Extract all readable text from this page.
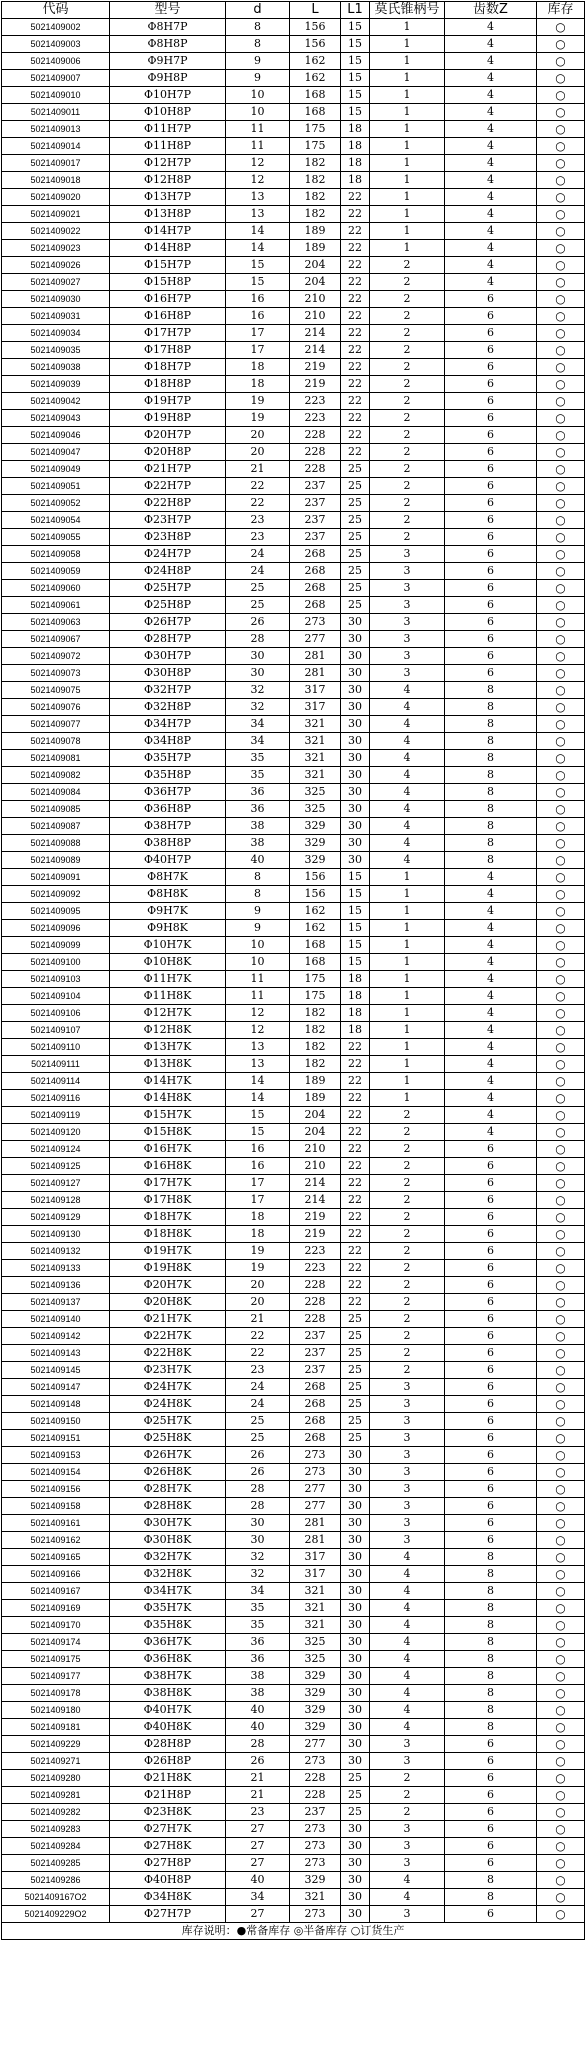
代码	型号	d	L	L1	莫氏锥柄号	齿数Z	库存
5021409002	Φ8H7P	8	156	15	1	4	○
5021409003	Φ8H8P	8	156	15	1	4	○
5021409006	Φ9H7P	9	162	15	1	4	○
5021409007	Φ9H8P	9	162	15	1	4	○
5021409010	Φ10H7P	10	168	15	1	4	○
5021409011	Φ10H8P	10	168	15	1	4	○
5021409013	Φ11H7P	11	175	18	1	4	○
5021409014	Φ11H8P	11	175	18	1	4	○
5021409017	Φ12H7P	12	182	18	1	4	○
5021409018	Φ12H8P	12	182	18	1	4	○
5021409020	Φ13H7P	13	182	22	1	4	○
5021409021	Φ13H8P	13	182	22	1	4	○
5021409022	Φ14H7P	14	189	22	1	4	○
5021409023	Φ14H8P	14	189	22	1	4	○
5021409026	Φ15H7P	15	204	22	2	4	○
5021409027	Φ15H8P	15	204	22	2	4	○
5021409030	Φ16H7P	16	210	22	2	6	○
5021409031	Φ16H8P	16	210	22	2	6	○
5021409034	Φ17H7P	17	214	22	2	6	○
5021409035	Φ17H8P	17	214	22	2	6	○
5021409038	Φ18H7P	18	219	22	2	6	○
5021409039	Φ18H8P	18	219	22	2	6	○
5021409042	Φ19H7P	19	223	22	2	6	○
5021409043	Φ19H8P	19	223	22	2	6	○
5021409046	Φ20H7P	20	228	22	2	6	○
5021409047	Φ20H8P	20	228	22	2	6	○
5021409049	Φ21H7P	21	228	25	2	6	○
5021409051	Φ22H7P	22	237	25	2	6	○
5021409052	Φ22H8P	22	237	25	2	6	○
5021409054	Φ23H7P	23	237	25	2	6	○
5021409055	Φ23H8P	23	237	25	2	6	○
5021409058	Φ24H7P	24	268	25	3	6	○
5021409059	Φ24H8P	24	268	25	3	6	○
5021409060	Φ25H7P	25	268	25	3	6	○
5021409061	Φ25H8P	25	268	25	3	6	○
5021409063	Φ26H7P	26	273	30	3	6	○
5021409067	Φ28H7P	28	277	30	3	6	○
5021409072	Φ30H7P	30	281	30	3	6	○
5021409073	Φ30H8P	30	281	30	3	6	○
5021409075	Φ32H7P	32	317	30	4	8	○
5021409076	Φ32H8P	32	317	30	4	8	○
5021409077	Φ34H7P	34	321	30	4	8	○
5021409078	Φ34H8P	34	321	30	4	8	○
5021409081	Φ35H7P	35	321	30	4	8	○
5021409082	Φ35H8P	35	321	30	4	8	○
5021409084	Φ36H7P	36	325	30	4	8	○
5021409085	Φ36H8P	36	325	30	4	8	○
5021409087	Φ38H7P	38	329	30	4	8	○
5021409088	Φ38H8P	38	329	30	4	8	○
5021409089	Φ40H7P	40	329	30	4	8	○
5021409091	Φ8H7K	8	156	15	1	4	○
5021409092	Φ8H8K	8	156	15	1	4	○
5021409095	Φ9H7K	9	162	15	1	4	○
5021409096	Φ9H8K	9	162	15	1	4	○
5021409099	Φ10H7K	10	168	15	1	4	○
5021409100	Φ10H8K	10	168	15	1	4	○
5021409103	Φ11H7K	11	175	18	1	4	○
5021409104	Φ11H8K	11	175	18	1	4	○
5021409106	Φ12H7K	12	182	18	1	4	○
5021409107	Φ12H8K	12	182	18	1	4	○
5021409110	Φ13H7K	13	182	22	1	4	○
5021409111	Φ13H8K	13	182	22	1	4	○
5021409114	Φ14H7K	14	189	22	1	4	○
5021409116	Φ14H8K	14	189	22	1	4	○
5021409119	Φ15H7K	15	204	22	2	4	○
5021409120	Φ15H8K	15	204	22	2	4	○
5021409124	Φ16H7K	16	210	22	2	6	○
5021409125	Φ16H8K	16	210	22	2	6	○
5021409127	Φ17H7K	17	214	22	2	6	○
5021409128	Φ17H8K	17	214	22	2	6	○
5021409129	Φ18H7K	18	219	22	2	6	○
5021409130	Φ18H8K	18	219	22	2	6	○
5021409132	Φ19H7K	19	223	22	2	6	○
5021409133	Φ19H8K	19	223	22	2	6	○
5021409136	Φ20H7K	20	228	22	2	6	○
5021409137	Φ20H8K	20	228	22	2	6	○
5021409140	Φ21H7K	21	228	25	2	6	○
5021409142	Φ22H7K	22	237	25	2	6	○
5021409143	Φ22H8K	22	237	25	2	6	○
5021409145	Φ23H7K	23	237	25	2	6	○
5021409147	Φ24H7K	24	268	25	3	6	○
5021409148	Φ24H8K	24	268	25	3	6	○
5021409150	Φ25H7K	25	268	25	3	6	○
5021409151	Φ25H8K	25	268	25	3	6	○
5021409153	Φ26H7K	26	273	30	3	6	○
5021409154	Φ26H8K	26	273	30	3	6	○
5021409156	Φ28H7K	28	277	30	3	6	○
5021409158	Φ28H8K	28	277	30	3	6	○
5021409161	Φ30H7K	30	281	30	3	6	○
5021409162	Φ30H8K	30	281	30	3	6	○
5021409165	Φ32H7K	32	317	30	4	8	○
5021409166	Φ32H8K	32	317	30	4	8	○
5021409167	Φ34H7K	34	321	30	4	8	○
5021409169	Φ35H7K	35	321	30	4	8	○
5021409170	Φ35H8K	35	321	30	4	8	○
5021409174	Φ36H7K	36	325	30	4	8	○
5021409175	Φ36H8K	36	325	30	4	8	○
5021409177	Φ38H7K	38	329	30	4	8	○
5021409178	Φ38H8K	38	329	30	4	8	○
5021409180	Φ40H7K	40	329	30	4	8	○
5021409181	Φ40H8K	40	329	30	4	8	○
5021409229	Φ28H8P	28	277	30	3	6	○
5021409271	Φ26H8P	26	273	30	3	6	○
5021409280	Φ21H8K	21	228	25	2	6	○
5021409281	Φ21H8P	21	228	25	2	6	○
5021409282	Φ23H8K	23	237	25	2	6	○
5021409283	Φ27H7K	27	273	30	3	6	○
5021409284	Φ27H8K	27	273	30	3	6	○
5021409285	Φ27H8P	27	273	30	3	6	○
5021409286	Φ40H8P	40	329	30	4	8	○
5021409167O2	Φ34H8K	34	321	30	4	8	○
5021409229O2	Φ27H7P	27	273	30	3	6	○
库存说明：●常备库存 ◎半备库存 ○订货生产							
